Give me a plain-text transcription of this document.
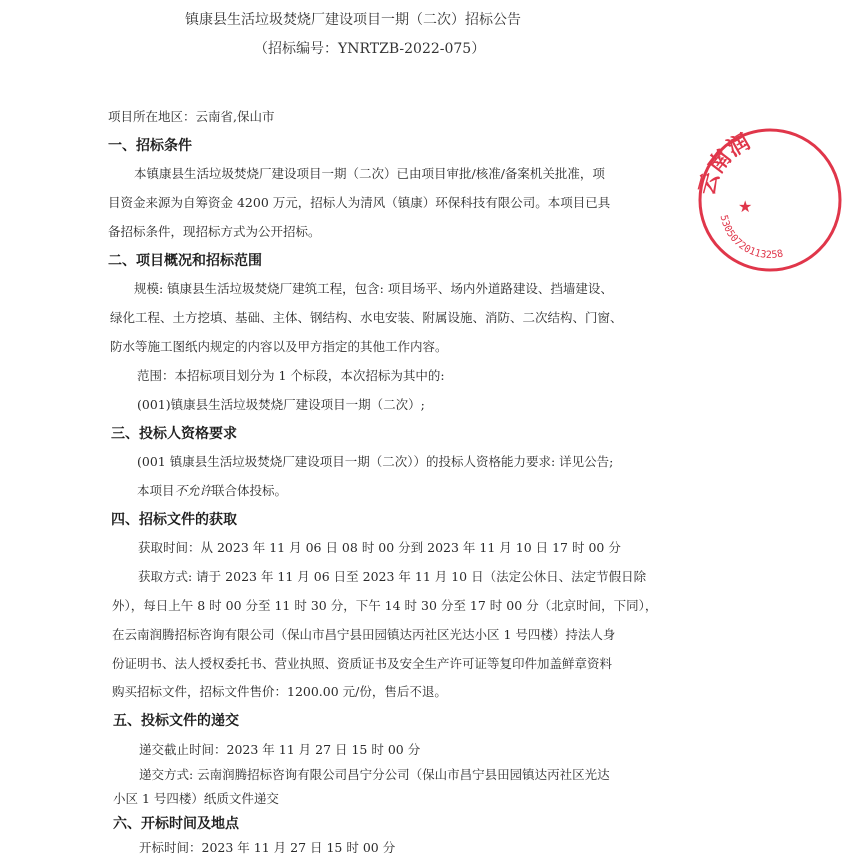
镇康县生活垃圾焚烧厂建设项目一期（二次）招标公告
（招标编号：YNRTZB-2022-075）
项目所在地区：云南省,保山市
一、招标条件
本镇康县生活垃圾焚烧厂建设项目一期（二次）已由项目审批/核准/备案机关批准，项
目资金来源为自筹资金 4200 万元，招标人为清风（镇康）环保科技有限公司。本项目已具
备招标条件，现招标方式为公开招标。
二、项目概况和招标范围
规模: 镇康县生活垃圾焚烧厂建筑工程，包含: 项目场平、场内外道路建设、挡墙建设、
绿化工程、土方挖填、基础、主体、钢结构、水电安装、附属设施、消防、二次结构、门窗、
防水等施工图纸内规定的内容以及甲方指定的其他工作内容。
范围：本招标项目划分为 1 个标段，本次招标为其中的:
(001)镇康县生活垃圾焚烧厂建设项目一期（二次）;
三、投标人资格要求
(001 镇康县生活垃圾焚烧厂建设项目一期（二次））的投标人资格能力要求: 详见公告;
本项目不允许联合体投标。
四、招标文件的获取
获取时间：从 2023 年 11 月 06 日 08 时 00 分到 2023 年 11 月 10 日 17 时 00 分
获取方式: 请于 2023 年 11 月 06 日至 2023 年 11 月 10 日（法定公休日、法定节假日除
外），每日上午 8 时 00 分至 11 时 30 分，下午 14 时 30 分至 17 时 00 分（北京时间，下同），
在云南润腾招标咨询有限公司（保山市昌宁县田园镇达丙社区光达小区 1 号四楼）持法人身
份证明书、法人授权委托书、营业执照、资质证书及安全生产许可证等复印件加盖鲜章资料
购买招标文件，招标文件售价：1200.00 元/份，售后不退。
五、投标文件的递交
递交截止时间：2023 年 11 月 27 日 15 时 00 分
递交方式: 云南润腾招标咨询有限公司昌宁分公司（保山市昌宁县田园镇达丙社区光达
小区 1 号四楼）纸质文件递交
六、开标时间及地点
开标时间：2023 年 11 月 27 日 15 时 00 分
云南润
53050720113258
★
